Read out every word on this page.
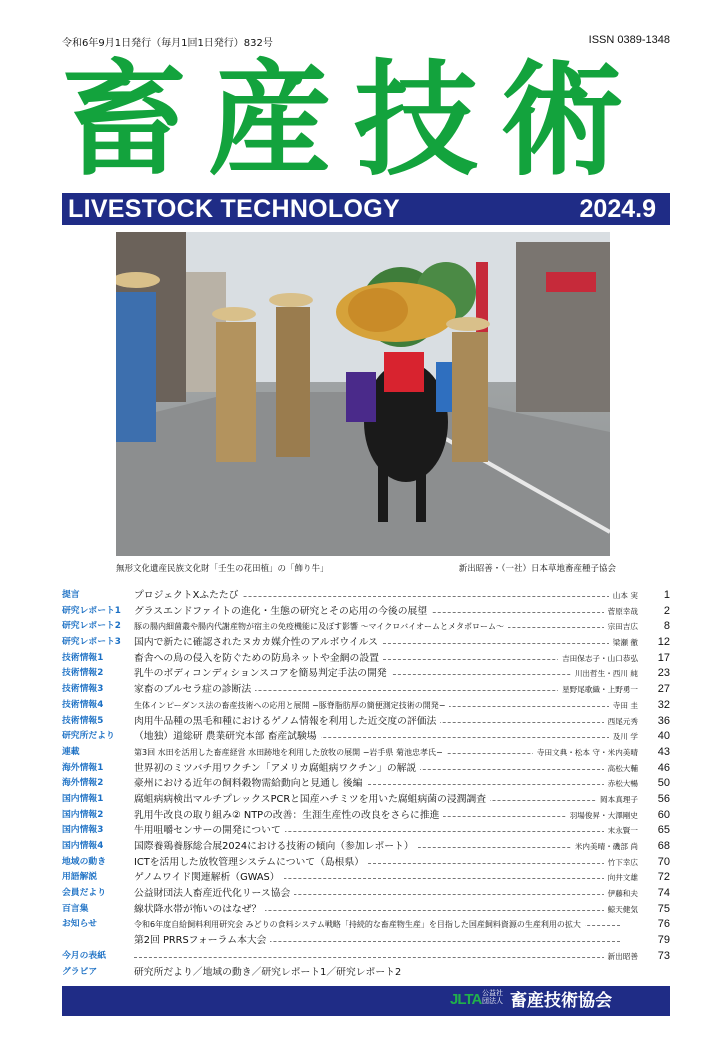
令和6年9月1日発行（毎月1回1日発行）832号	ISSN 0389-1348
畜産技術
LIVESTOCK TECHNOLOGY	2024.9
無形文化遺産民族文化財「壬生の花田植」の「飾り牛」	新出昭善・（一社）日本草地畜産種子協会
提言	プロジェクトXふたたび	山本 実	1
研究レポート1	グラスエンドファイトの進化・生態の研究とその応用の今後の展望	菅原幸哉	2
研究レポート2	豚の腸内細菌叢や腸内代謝産物が宿主の免疫機能に及ぼす影響 〜マイクロバイオームとメタボローム〜	宗田吉広	8
研究レポート3	国内で新たに確認されたヌカカ媒介性のアルボウイルス	梁瀬 徹	12
技術情報1	畜舎への鳥の侵入を防ぐための防鳥ネットや金網の設置	吉田保志子・山口恭弘	17
技術情報2	乳牛のボディコンディションスコアを簡易判定手法の開発	川出哲生・西川 純	23
技術情報3	家畜のブルセラ症の診断法	星野尾歌織・上野勇一	27
技術情報4	生体インピーダンス法の畜産技術への応用と展開 −豚脊脂肪厚の簡便測定技術の開発−	寺田 圭	32
技術情報5	肉用牛品種の黒毛和種におけるゲノム情報を利用した近交度の評価法	西尾元秀	36
研究所だより	（地独）道総研 農業研究本部 畜産試験場	及川 学	40
連載	第3回 水田を活用した畜産経営 水田跡地を利用した放牧の展開 −岩手県 菊池忠孝氏−	寺田文典・松本 守・米内美晴	43
海外情報1	世界初のミツバチ用ワクチン「アメリカ腐蛆病ワクチン」の解説	高松大輔	46
海外情報2	豪州における近年の飼料穀物需給動向と見通し 後編	赤松大暢	50
国内情報1	腐蛆病病検出マルチプレックスPCRと国産ハチミツを用いた腐蛆病菌の浸潤調査	岡本真理子	56
国内情報2	乳用牛改良の取り組み② NTPの改善：生涯生産性の改良をさらに推進	羽場俊昇・大澤剛史	60
国内情報3	牛用咀嚼センサーの開発について	末永賢一	65
国内情報4	国際養鶏養豚総合展2024における技術の傾向（参加レポート）	米内美晴・磯部 尚	68
地域の動き	ICTを活用した放牧管理システムについて（島根県）	竹下幸広	70
用語解説	ゲノムワイド関連解析（GWAS）	向井文雄	72
会員だより	公益財団法人畜産近代化リース協会	伊藤和夫	74
百言集	線状降水帯が怖いのはなぜ？	鯨天健気	75
お知らせ	令和6年度自給飼料利用研究会 みどりの食料システム戦略「持続的な畜産物生産」を目指した国産飼料資源の生産利用の拡大	76
第2回 PRRSフォーラム本大会	79
今月の表紙	新出昭善	73
グラビア	研究所だより／地域の動き／研究レポート1／研究レポート2
JLTA 公益社団法人 畜産技術協会
